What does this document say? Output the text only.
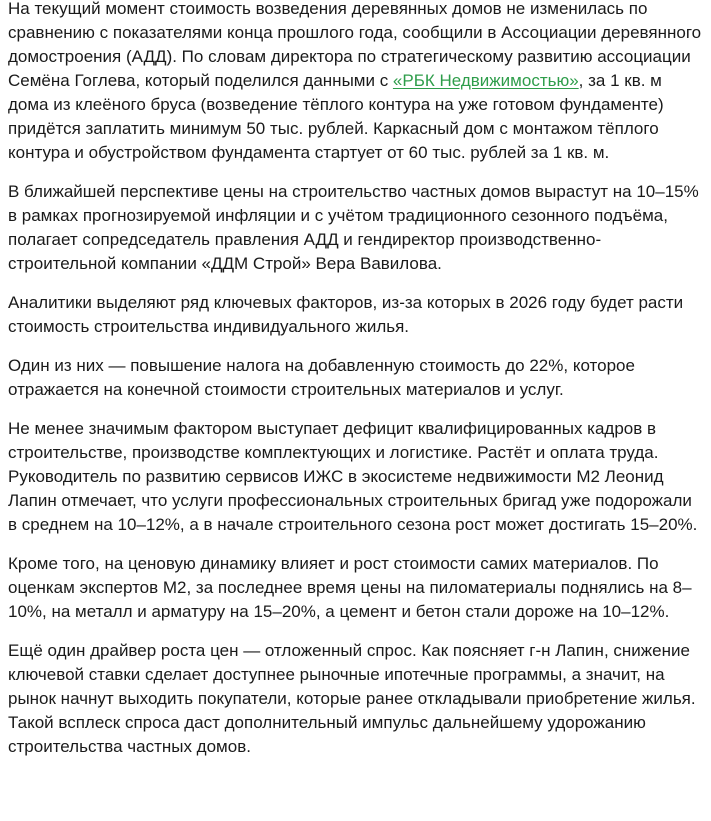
На текущий момент стоимость возведения деревянных домов не изменилась по сравнению с показателями конца прошлого года, сообщили в Ассоциации деревянного домостроения (АДД). По словам директора по стратегическому развитию ассоциации Семёна Гоглева, который поделился данными с «РБК Недвижимостью», за 1 кв. м дома из клеёного бруса (возведение тёплого контура на уже готовом фундаменте) придётся заплатить минимум 50 тыс. рублей. Каркасный дом с монтажом тёплого контура и обустройством фундамента стартует от 60 тыс. рублей за 1 кв. м.

В ближайшей перспективе цены на строительство частных домов вырастут на 10–15% в рамках прогнозируемой инфляции и с учётом традиционного сезонного подъёма, полагает сопредседатель правления АДД и гендиректор производственно-строительной компании «ДДМ Строй» Вера Вавилова.

Аналитики выделяют ряд ключевых факторов, из-за которых в 2026 году будет расти стоимость строительства индивидуального жилья.

Один из них — повышение налога на добавленную стоимость до 22%, которое отражается на конечной стоимости строительных материалов и услуг.

Не менее значимым фактором выступает дефицит квалифицированных кадров в строительстве, производстве комплектующих и логистике. Растёт и оплата труда. Руководитель по развитию сервисов ИЖС в экосистеме недвижимости М2 Леонид Лапин отмечает, что услуги профессиональных строительных бригад уже подорожали в среднем на 10–12%, а в начале строительного сезона рост может достигать 15–20%.

Кроме того, на ценовую динамику влияет и рост стоимости самих материалов. По оценкам экспертов М2, за последнее время цены на пиломатериалы поднялись на 8–10%, на металл и арматуру на 15–20%, а цемент и бетон стали дороже на 10–12%.

Ещё один драйвер роста цен — отложенный спрос. Как поясняет г-н Лапин, снижение ключевой ставки сделает доступнее рыночные ипотечные программы, а значит, на рынок начнут выходить покупатели, которые ранее откладывали приобретение жилья. Такой всплеск спроса даст дополнительный импульс дальнейшему удорожанию строительства частных домов.
